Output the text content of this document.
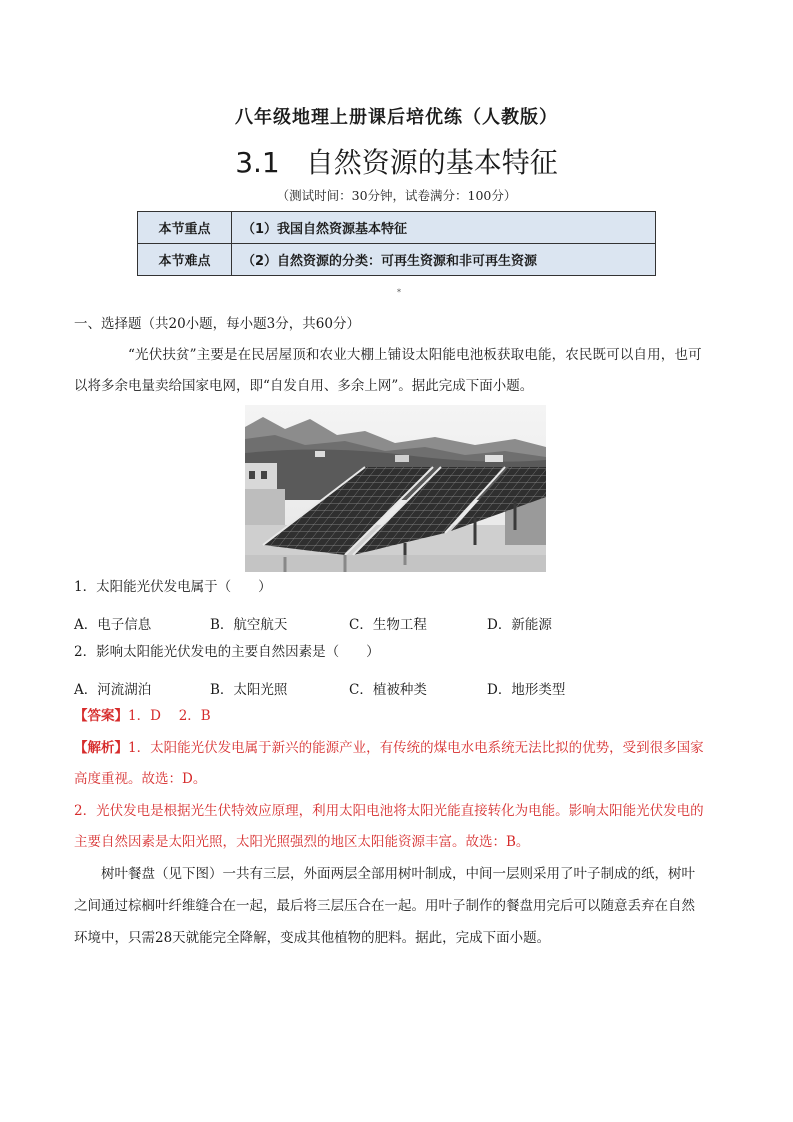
八年级地理上册课后培优练（人教版）
3.1 自然资源的基本特征
（测试时间：30分钟，试卷满分：100分）
本节重点	（1）我国自然资源基本特征
本节难点	（2）自然资源的分类：可再生资源和非可再生资源
*
一、选择题（共20小题，每小题3分，共60分）
“光伏扶贫”主要是在民居屋顶和农业大棚上铺设太阳能电池板获取电能，农民既可以自用，也可
以将多余电量卖给国家电网，即“自发自用、多余上网”。据此完成下面小题。
1．太阳能光伏发电属于（　　）
A．电子信息	B．航空航天	C．生物工程	D．新能源
2．影响太阳能光伏发电的主要自然因素是（　　）
A．河流湖泊	B．太阳光照	C．植被种类	D．地形类型
【答案】1．D　 2．B
【解析】1．太阳能光伏发电属于新兴的能源产业，有传统的煤电水电系统无法比拟的优势，受到很多国家
高度重视。故选：D。
2．光伏发电是根据光生伏特效应原理，利用太阳电池将太阳光能直接转化为电能。影响太阳能光伏发电的
主要自然因素是太阳光照，太阳光照强烈的地区太阳能资源丰富。故选：B。
树叶餐盘（见下图）一共有三层，外面两层全部用树叶制成，中间一层则采用了叶子制成的纸，树叶
之间通过棕榈叶纤维缝合在一起，最后将三层压合在一起。用叶子制作的餐盘用完后可以随意丢弃在自然
环境中，只需28天就能完全降解，变成其他植物的肥料。据此，完成下面小题。
